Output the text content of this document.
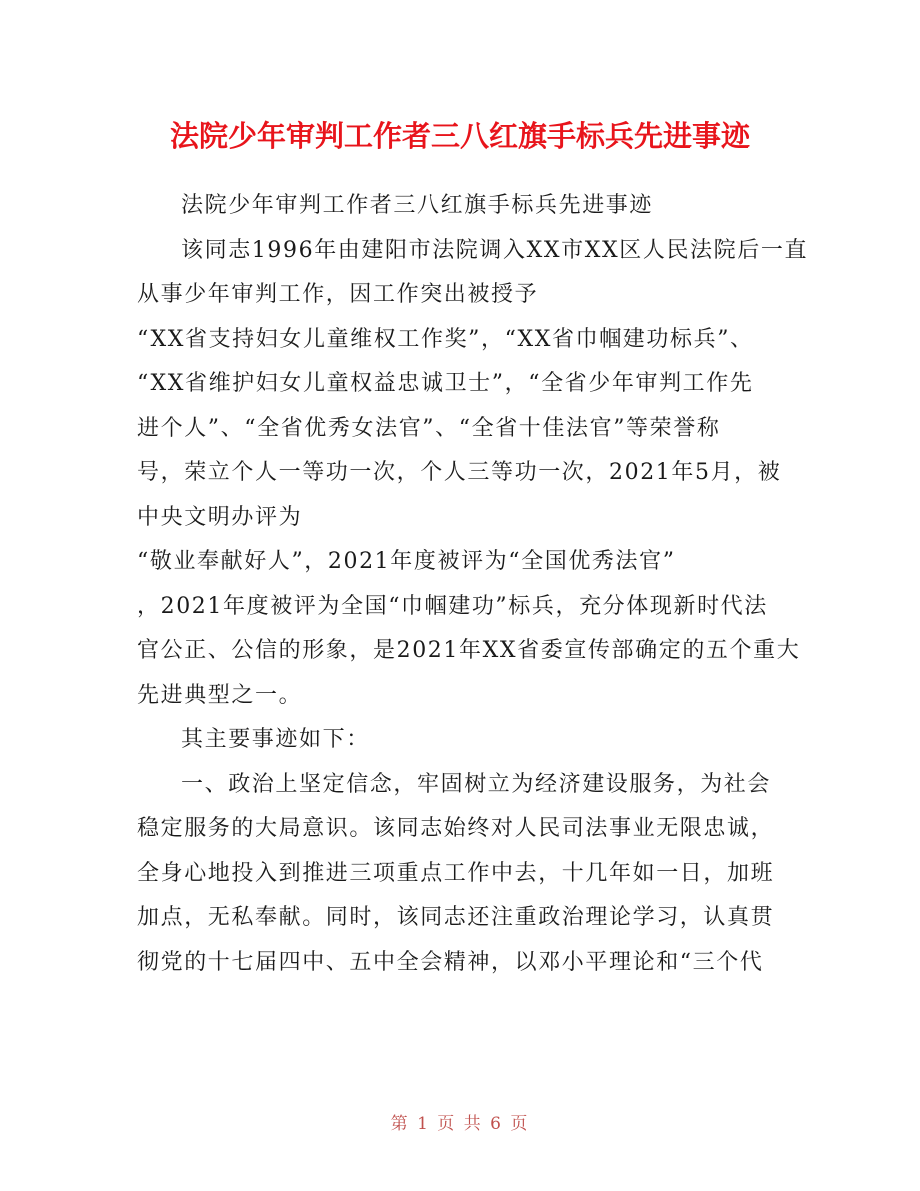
法院少年审判工作者三八红旗手标兵先进事迹
法院少年审判工作者三八红旗手标兵先进事迹
该同志1996年由建阳市法院调入XX市XX区人民法院后一直
从事少年审判工作，因工作突出被授予
“XX省支持妇女儿童维权工作奖”，“XX省巾帼建功标兵”、
“XX省维护妇女儿童权益忠诚卫士”，“全省少年审判工作先
进个人”、“全省优秀女法官”、“全省十佳法官”等荣誉称
号，荣立个人一等功一次，个人三等功一次，2021年5月，被
中央文明办评为
“敬业奉献好人”，2021年度被评为“全国优秀法官”
，2021年度被评为全国“巾帼建功”标兵，充分体现新时代法
官公正、公信的形象，是2021年XX省委宣传部确定的五个重大
先进典型之一。
其主要事迹如下：
一、政治上坚定信念，牢固树立为经济建设服务，为社会
稳定服务的大局意识。该同志始终对人民司法事业无限忠诚，
全身心地投入到推进三项重点工作中去，十几年如一日，加班
加点，无私奉献。同时，该同志还注重政治理论学习，认真贯
彻党的十七届四中、五中全会精神，以邓小平理论和“三个代
第 1 页 共 6 页
